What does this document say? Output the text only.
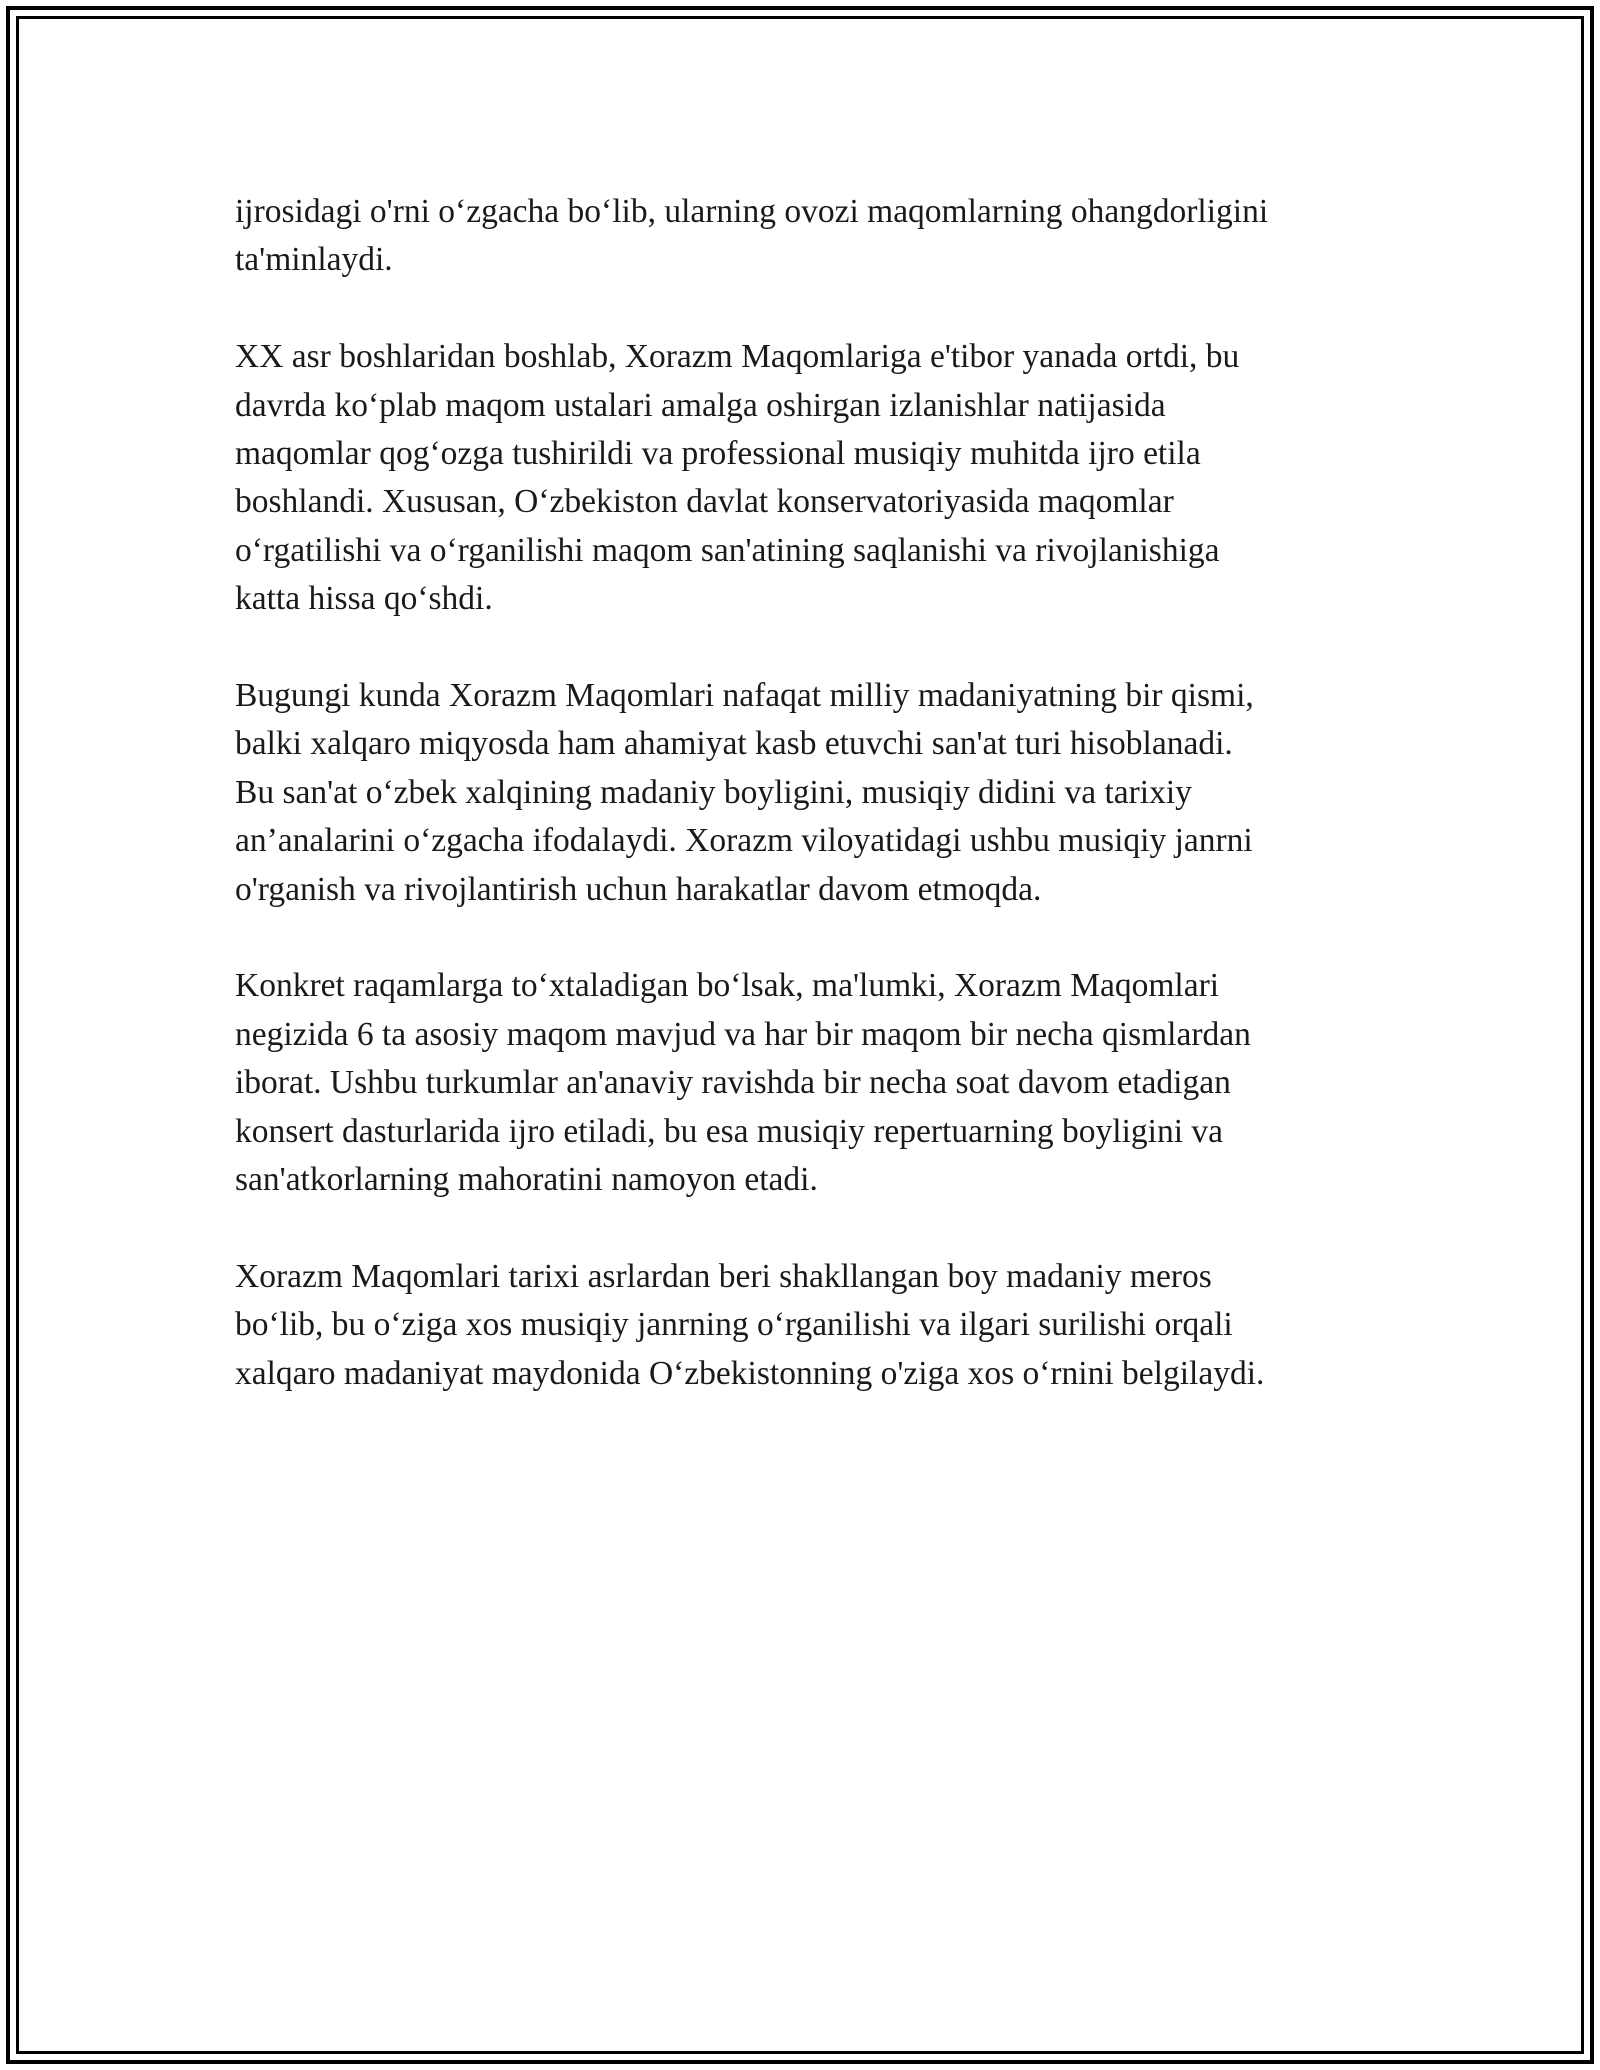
ijrosidagi o'rni o‘zgacha bo‘lib, ularning ovozi maqomlarning ohangdorligini
ta'minlaydi.

XX asr boshlaridan boshlab, Xorazm Maqomlariga e'tibor yanada ortdi, bu
davrda ko‘plab maqom ustalari amalga oshirgan izlanishlar natijasida
maqomlar qog‘ozga tushirildi va professional musiqiy muhitda ijro etila
boshlandi. Xususan, O‘zbekiston davlat konservatoriyasida maqomlar
o‘rgatilishi va o‘rganilishi maqom san'atining saqlanishi va rivojlanishiga
katta hissa qo‘shdi.

Bugungi kunda Xorazm Maqomlari nafaqat milliy madaniyatning bir qismi,
balki xalqaro miqyosda ham ahamiyat kasb etuvchi san'at turi hisoblanadi.
Bu san'at o‘zbek xalqining madaniy boyligini, musiqiy didini va tarixiy
an’analarini o‘zgacha ifodalaydi. Xorazm viloyatidagi ushbu musiqiy janrni
o'rganish va rivojlantirish uchun harakatlar davom etmoqda.

Konkret raqamlarga to‘xtaladigan bo‘lsak, ma'lumki, Xorazm Maqomlari
negizida 6 ta asosiy maqom mavjud va har bir maqom bir necha qismlardan
iborat. Ushbu turkumlar an'anaviy ravishda bir necha soat davom etadigan
konsert dasturlarida ijro etiladi, bu esa musiqiy repertuarning boyligini va
san'atkorlarning mahoratini namoyon etadi.

Xorazm Maqomlari tarixi asrlardan beri shakllangan boy madaniy meros
bo‘lib, bu o‘ziga xos musiqiy janrning o‘rganilishi va ilgari surilishi orqali
xalqaro madaniyat maydonida O‘zbekistonning o'ziga xos o‘rnini belgilaydi.
